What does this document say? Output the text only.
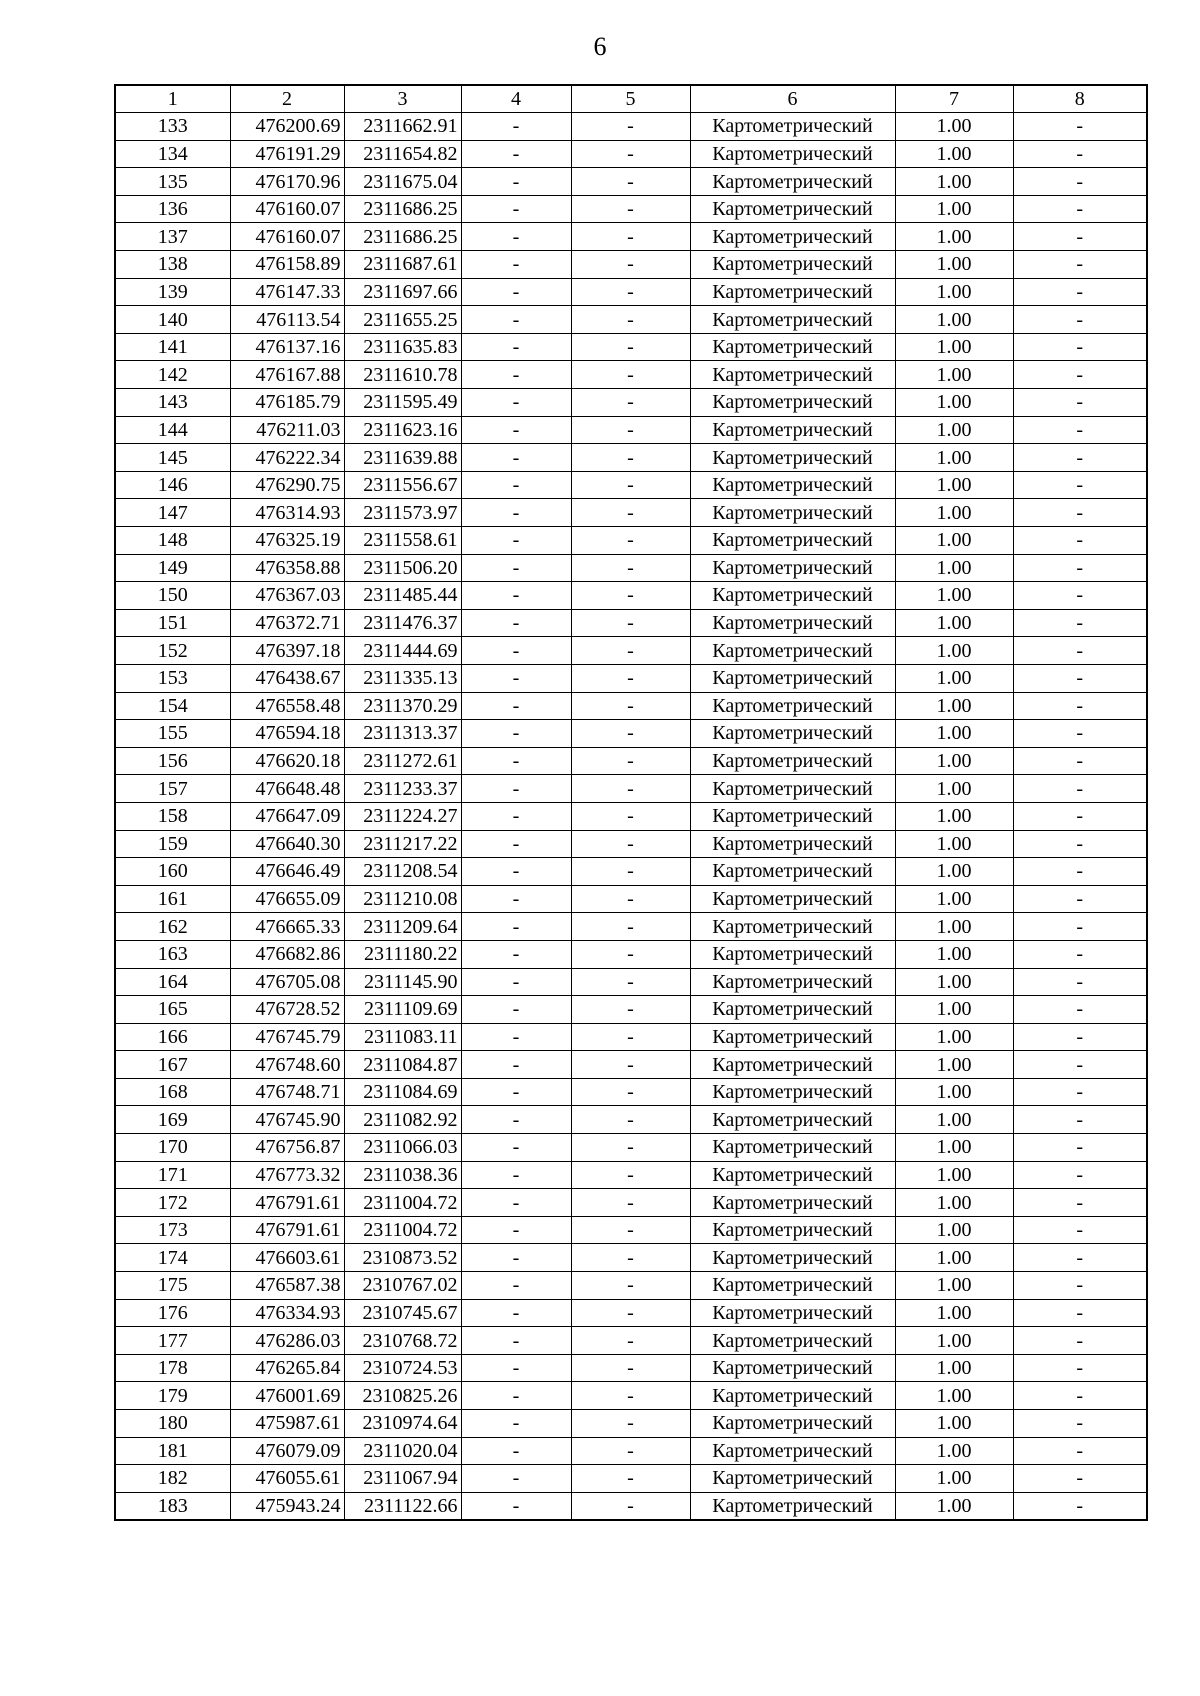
6
1	2	3	4	5	6	7	8
133	476200.69	2311662.91	-	-	Картометрический	1.00	-
134	476191.29	2311654.82	-	-	Картометрический	1.00	-
135	476170.96	2311675.04	-	-	Картометрический	1.00	-
136	476160.07	2311686.25	-	-	Картометрический	1.00	-
137	476160.07	2311686.25	-	-	Картометрический	1.00	-
138	476158.89	2311687.61	-	-	Картометрический	1.00	-
139	476147.33	2311697.66	-	-	Картометрический	1.00	-
140	476113.54	2311655.25	-	-	Картометрический	1.00	-
141	476137.16	2311635.83	-	-	Картометрический	1.00	-
142	476167.88	2311610.78	-	-	Картометрический	1.00	-
143	476185.79	2311595.49	-	-	Картометрический	1.00	-
144	476211.03	2311623.16	-	-	Картометрический	1.00	-
145	476222.34	2311639.88	-	-	Картометрический	1.00	-
146	476290.75	2311556.67	-	-	Картометрический	1.00	-
147	476314.93	2311573.97	-	-	Картометрический	1.00	-
148	476325.19	2311558.61	-	-	Картометрический	1.00	-
149	476358.88	2311506.20	-	-	Картометрический	1.00	-
150	476367.03	2311485.44	-	-	Картометрический	1.00	-
151	476372.71	2311476.37	-	-	Картометрический	1.00	-
152	476397.18	2311444.69	-	-	Картометрический	1.00	-
153	476438.67	2311335.13	-	-	Картометрический	1.00	-
154	476558.48	2311370.29	-	-	Картометрический	1.00	-
155	476594.18	2311313.37	-	-	Картометрический	1.00	-
156	476620.18	2311272.61	-	-	Картометрический	1.00	-
157	476648.48	2311233.37	-	-	Картометрический	1.00	-
158	476647.09	2311224.27	-	-	Картометрический	1.00	-
159	476640.30	2311217.22	-	-	Картометрический	1.00	-
160	476646.49	2311208.54	-	-	Картометрический	1.00	-
161	476655.09	2311210.08	-	-	Картометрический	1.00	-
162	476665.33	2311209.64	-	-	Картометрический	1.00	-
163	476682.86	2311180.22	-	-	Картометрический	1.00	-
164	476705.08	2311145.90	-	-	Картометрический	1.00	-
165	476728.52	2311109.69	-	-	Картометрический	1.00	-
166	476745.79	2311083.11	-	-	Картометрический	1.00	-
167	476748.60	2311084.87	-	-	Картометрический	1.00	-
168	476748.71	2311084.69	-	-	Картометрический	1.00	-
169	476745.90	2311082.92	-	-	Картометрический	1.00	-
170	476756.87	2311066.03	-	-	Картометрический	1.00	-
171	476773.32	2311038.36	-	-	Картометрический	1.00	-
172	476791.61	2311004.72	-	-	Картометрический	1.00	-
173	476791.61	2311004.72	-	-	Картометрический	1.00	-
174	476603.61	2310873.52	-	-	Картометрический	1.00	-
175	476587.38	2310767.02	-	-	Картометрический	1.00	-
176	476334.93	2310745.67	-	-	Картометрический	1.00	-
177	476286.03	2310768.72	-	-	Картометрический	1.00	-
178	476265.84	2310724.53	-	-	Картометрический	1.00	-
179	476001.69	2310825.26	-	-	Картометрический	1.00	-
180	475987.61	2310974.64	-	-	Картометрический	1.00	-
181	476079.09	2311020.04	-	-	Картометрический	1.00	-
182	476055.61	2311067.94	-	-	Картометрический	1.00	-
183	475943.24	2311122.66	-	-	Картометрический	1.00	-
